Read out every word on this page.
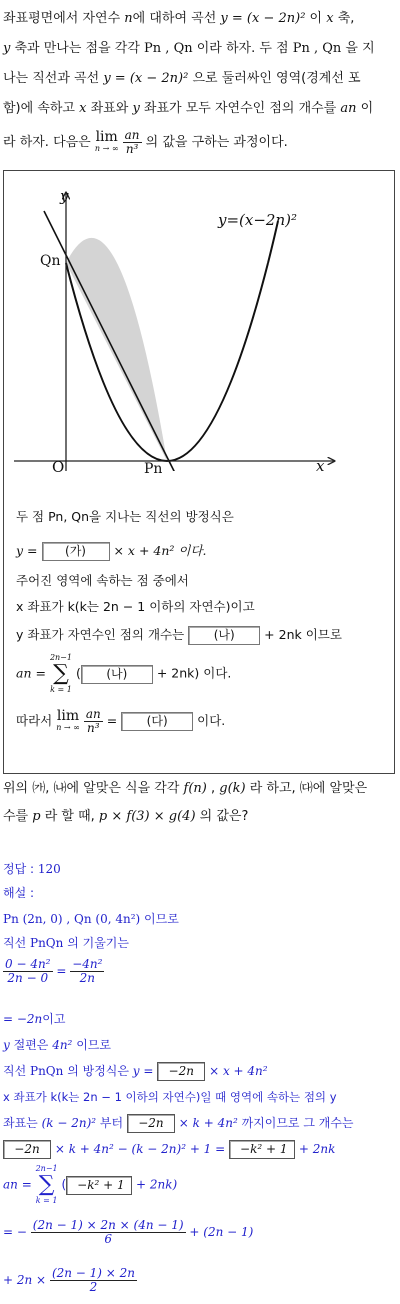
좌표평면에서 자연수 n에 대하여 곡선 y = (x − 2n)² 이 x 축,
y 축과 만나는 점을 각각 Pn , Qn 이라 하자. 두 점 Pn , Qn 을 지
나는 직선과 곡선 y = (x − 2n)² 으로 둘러싸인 영역(경계선 포
함)에 속하고 x 좌표와 y 좌표가 모두 자연수인 점의 개수를 an 이
라 하자. 다음은 lim
n → ∞
$\frac{an}{\text{n³}}$ 의 값을 구하는 과정이다.
y
x
O
Qn
Pn
y=(x−2n)²
두 점 Pn, Qn을 지나는 직선의 방정식은
y = (가) × x + 4n² 이다.
주어진 영역에 속하는 점 중에서
x 좌표가 k(k는 2n − 1 이하의 자연수)이고
y 좌표가 자연수인 점의 개수는 (나) + 2nk 이므로
an =
2n−1
∑
k = 1
( (나) + 2nk) 이다.
따라서 lim
n → ∞
$\frac{an}{\text{n³}}$ = (다) 이다.
위의 ㈎, ㈏에 알맞은 식을 각각 f(n) , g(k) 라 하고, ㈐에 알맞은
수를 p 라 할 때, p × f(3) × g(4) 의 값은?
정답 : 120
해설 :
Pn (2n, 0) , Qn (0, 4n²) 이므로
직선 PnQn 의 기울기는
$\frac{\text{0 − 4n²}}{2n - 0} = \frac{\text{−4n²}}{2n}$
= −2n이고
y 절편은 4n² 이므로
직선 PnQn 의 방정식은 y = −2n × x + 4n²
x 좌표가 k(k는 2n − 1 이하의 자연수)일 때 영역에 속하는 점의 y
좌표는 (k − 2n)² 부터 −2n × k + 4n² 까지이므로 그 개수는
−2n × k + 4n² − (k − 2n)² + 1 = −k² + 1 + 2nk
an =
2n−1
∑
k = 1
( −k² + 1 + 2nk)
= − $\frac{(2n - 1) \times 2n \times (4n - 1)}{6} + (2n - 1)$
+ $2n \times \frac{(2n - 1) \times 2n}{2}$
